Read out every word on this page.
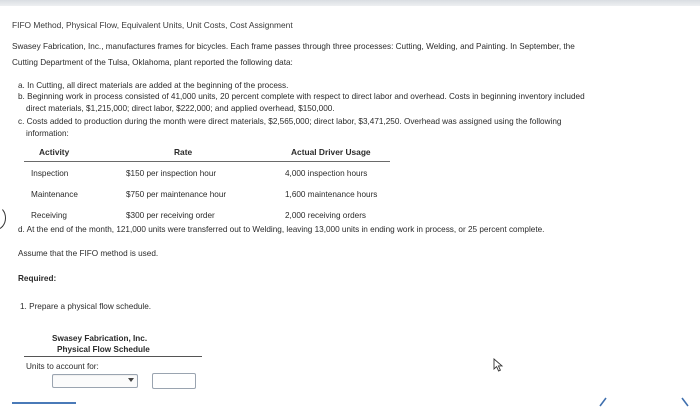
FIFO Method, Physical Flow, Equivalent Units, Unit Costs, Cost Assignment
Swasey Fabrication, Inc., manufactures frames for bicycles. Each frame passes through three processes: Cutting, Welding, and Painting. In September, the
Cutting Department of the Tulsa, Oklahoma, plant reported the following data:
a. In Cutting, all direct materials are added at the beginning of the process.
b. Beginning work in process consisted of 41,000 units, 20 percent complete with respect to direct labor and overhead. Costs in beginning inventory included
direct materials, $1,215,000; direct labor, $222,000; and applied overhead, $150,000.
c. Costs added to production during the month were direct materials, $2,565,000; direct labor, $3,471,250. Overhead was assigned using the following
information:
Activity	Rate	Actual Driver Usage
Inspection	$150 per inspection hour	4,000 inspection hours
Maintenance	$750 per maintenance hour	1,600 maintenance hours
Receiving	$300 per receiving order	2,000 receiving orders
d. At the end of the month, 121,000 units were transferred out to Welding, leaving 13,000 units in ending work in process, or 25 percent complete.
Assume that the FIFO method is used.
Required:
1. Prepare a physical flow schedule.
Swasey Fabrication, Inc.
Physical Flow Schedule
Units to account for:
